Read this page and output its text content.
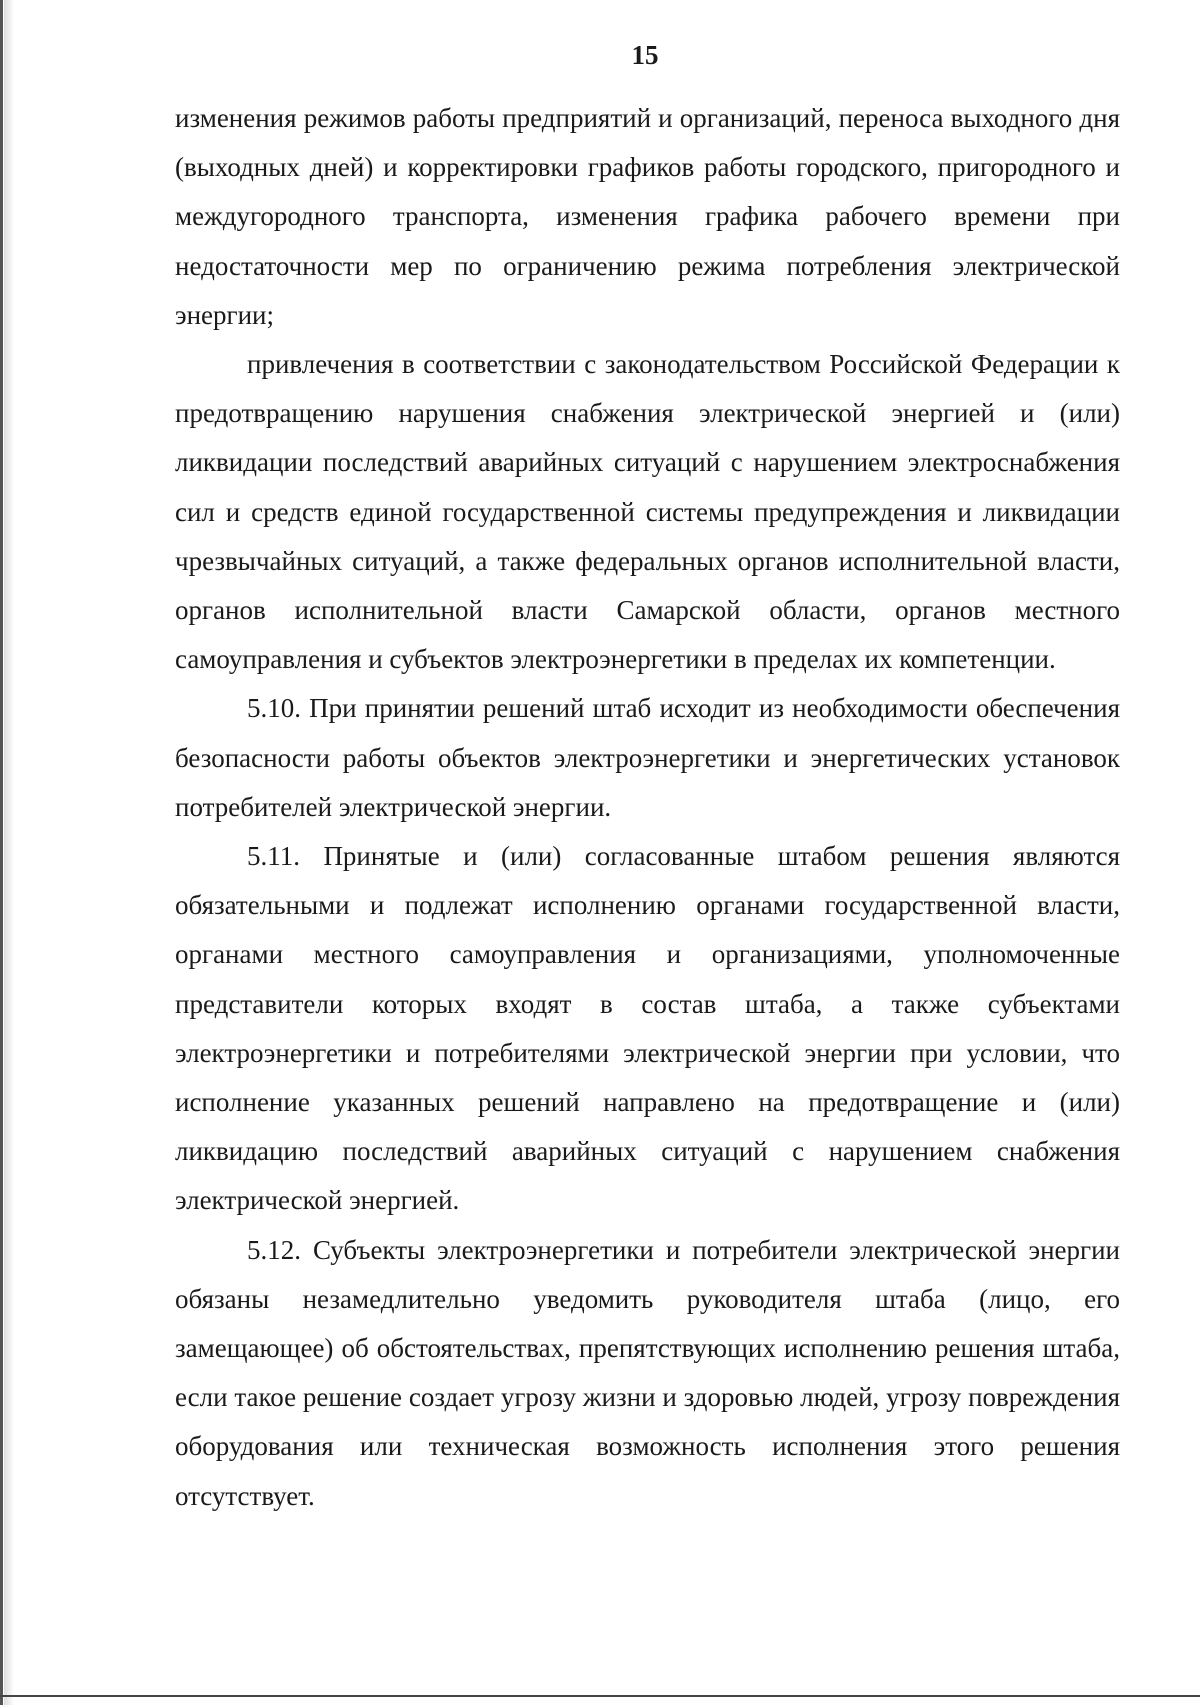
15

изменения режимов работы предприятий и организаций, переноса выходного дня (выходных дней) и корректировки графиков работы городского, пригородного и междугородного транспорта, изменения графика рабочего времени при недостаточности мер по ограничению режима потребления электрической энергии;

привлечения в соответствии с законодательством Российской Федерации к предотвращению нарушения снабжения электрической энергией и (или) ликвидации последствий аварийных ситуаций с нарушением электроснабжения сил и средств единой государственной системы предупреждения и ликвидации чрезвычайных ситуаций, а также федеральных органов исполнительной власти, органов исполнительной власти Самарской области, органов местного самоуправления и субъектов электроэнергетики в пределах их компетенции.

5.10. При принятии решений штаб исходит из необходимости обеспечения безопасности работы объектов электроэнергетики и энергетических установок потребителей электрической энергии.

5.11. Принятые и (или) согласованные штабом решения являются обязательными и подлежат исполнению органами государственной власти, органами местного самоуправления и организациями, уполномоченные представители которых входят в состав штаба, а также субъектами электроэнергетики и потребителями электрической энергии при условии, что исполнение указанных решений направлено на предотвращение и (или) ликвидацию последствий аварийных ситуаций с нарушением снабжения электрической энергией.

5.12. Субъекты электроэнергетики и потребители электрической энергии обязаны незамедлительно уведомить руководителя штаба (лицо, его замещающее) об обстоятельствах, препятствующих исполнению решения штаба, если такое решение создает угрозу жизни и здоровью людей, угрозу повреждения оборудования или техническая возможность исполнения этого решения отсутствует.
